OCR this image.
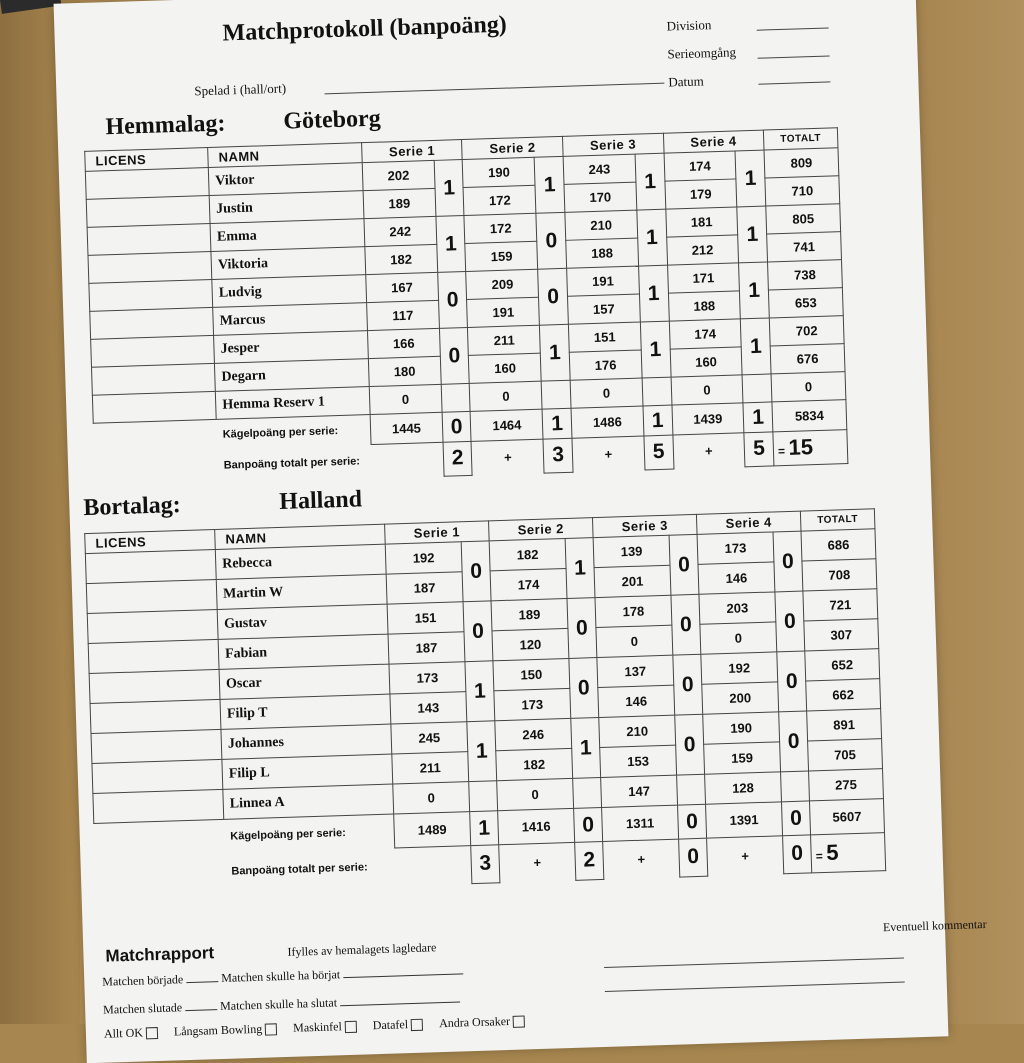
Matchprotokoll (banpoäng)	Division
Serieomgång
Spelad i (hall/ort)	Datum
Hemmalag: Göteborg
LICENS	NAMN	Serie 1		Serie 2		Serie 3		Serie 4		TOTALT
	Viktor	202	1	190	1	243	1	174	1	809
	Justin	189		172		170		179		710
	Emma	242	1	172	0	210	1	181	1	805
	Viktoria	182		159		188		212		741
	Ludvig	167	0	209	0	191	1	171	1	738
	Marcus	117		191		157		188		653
	Jesper	166	0	211	1	151	1	174	1	702
	Degarn	180		160		176		160		676
	Hemma Reserv 1	0		0		0		0		0
	Kägelpoäng per serie:	1445	0	1464	1	1486	1	1439	1	5834
	Banpoäng totalt per serie:		2	+	3	+	5	+	5	= 15
Bortalag:	Halland
LICENS	NAMN	Serie 1		Serie 2		Serie 3		Serie 4		TOTALT
	Rebecca	192	0	182	1	139	0	173	0	686
	Martin W	187		174		201		146		708
	Gustav	151	0	189	0	178	0	203	0	721
	Fabian	187		120		0		0		307
	Oscar	173	1	150	0	137	0	192	0	652
	Filip T	143		173		146		200		662
	Johannes	245	1	246	1	210	0	190	0	891
	Filip L	211		182		153		159		705
	Linnea A	0		0		147		128		275
	Kägelpoäng per serie:	1489	1	1416	0	1311	0	1391	0	5607
	Banpoäng totalt per serie:		3	+	2	+	0	+	0	= 5
Matchrapport	Ifylles av hemalagets lagledare
Eventuell kommentar
Matchen började	Matchen skulle ha börjat
Matchen slutade	Matchen skulle ha slutat
Allt OK	Långsam Bowling	Maskinfel	Datafel	Andra Orsaker
